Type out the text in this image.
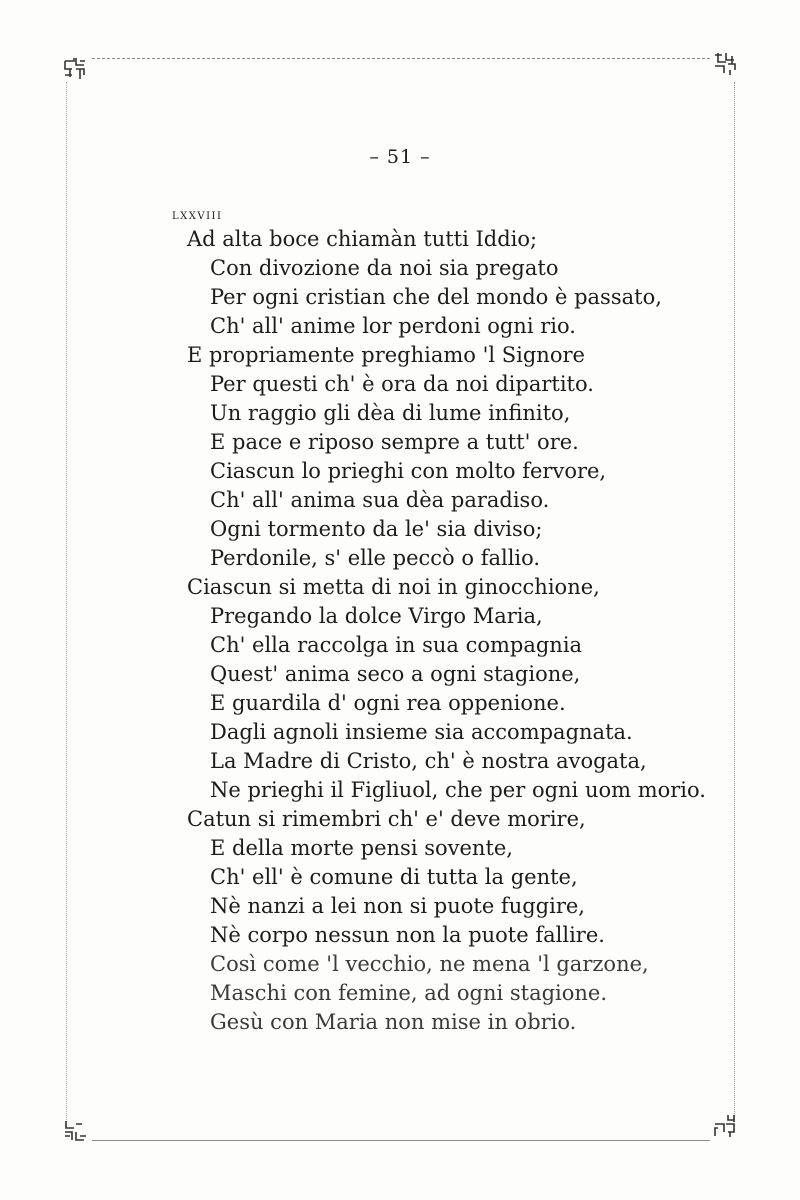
– 51 –
LXXVIII
Ad alta boce chiamàn tutti Iddio;
Con divozione da noi sia pregato
Per ogni cristian che del mondo è passato,
Ch' all' anime lor perdoni ogni rio.
E propriamente preghiamo 'l Signore
Per questi ch' è ora da noi dipartito.
Un raggio gli dèa di lume infinito,
E pace e riposo sempre a tutt' ore.
Ciascun lo prieghi con molto fervore,
Ch' all' anima sua dèa paradiso.
Ogni tormento da le' sia diviso;
Perdonile, s' elle peccò o fallio.
Ciascun si metta di noi in ginocchione,
Pregando la dolce Virgo Maria,
Ch' ella raccolga in sua compagnia
Quest' anima seco a ogni stagione,
E guardila d' ogni rea oppenione.
Dagli agnoli insieme sia accompagnata.
La Madre di Cristo, ch' è nostra avogata,
Ne prieghi il Figliuol, che per ogni uom morio.
Catun si rimembri ch' e' deve morire,
E della morte pensi sovente,
Ch' ell' è comune di tutta la gente,
Nè nanzi a lei non si puote fuggire,
Nè corpo nessun non la puote fallire.
Così come 'l vecchio, ne mena 'l garzone,
Maschi con femine, ad ogni stagione.
Gesù con Maria non mise in obrio.
